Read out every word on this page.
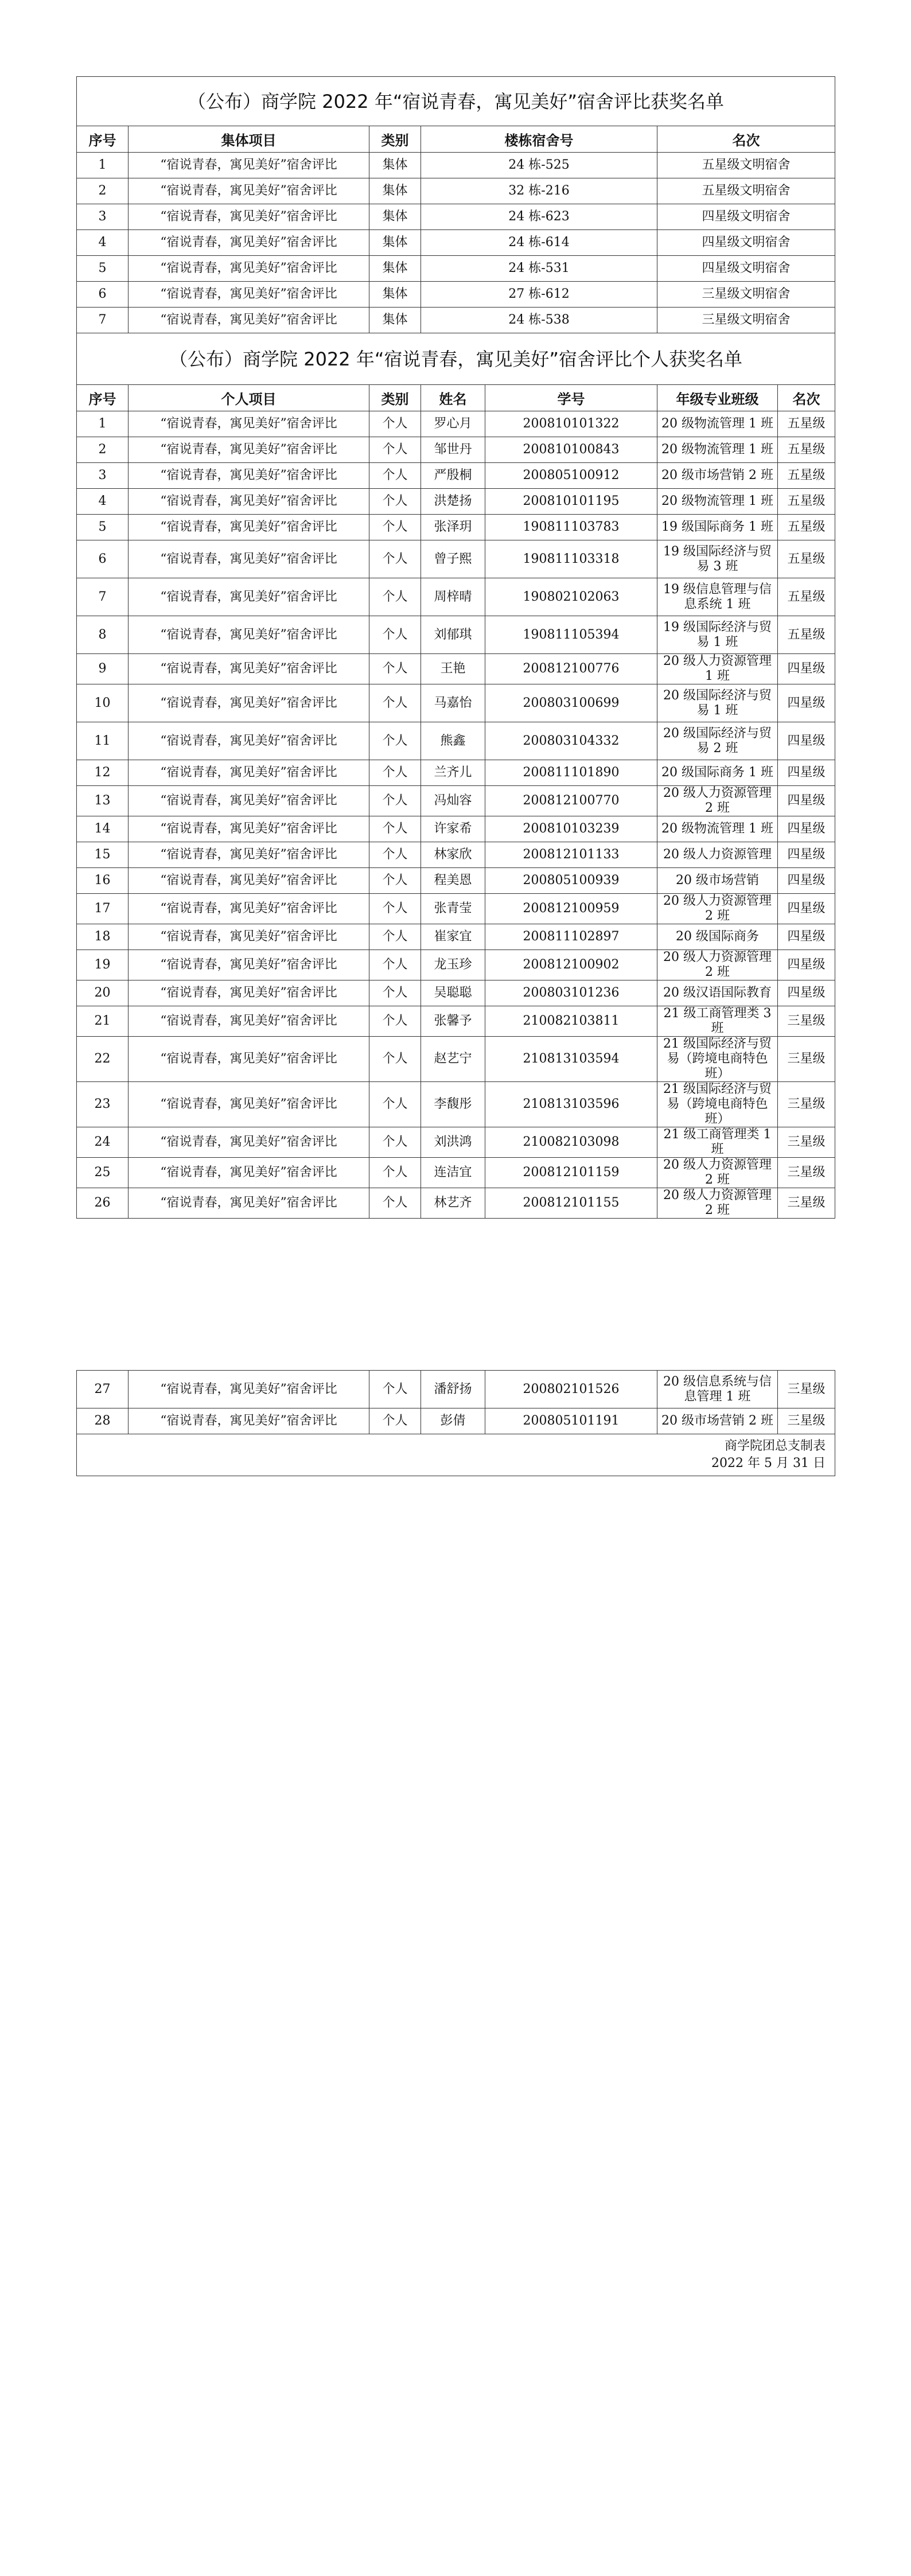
（公布）商学院 2022 年“宿说青春，寓见美好”宿舍评比获奖名单						
序号	集体项目	类别	楼栋宿舍号		名次	
1	“宿说青春，寓见美好”宿舍评比	集体	24 栋-525		五星级文明宿舍	
2	“宿说青春，寓见美好”宿舍评比	集体	32 栋-216		五星级文明宿舍	
3	“宿说青春，寓见美好”宿舍评比	集体	24 栋-623		四星级文明宿舍	
4	“宿说青春，寓见美好”宿舍评比	集体	24 栋-614		四星级文明宿舍	
5	“宿说青春，寓见美好”宿舍评比	集体	24 栋-531		四星级文明宿舍	
6	“宿说青春，寓见美好”宿舍评比	集体	27 栋-612		三星级文明宿舍	
7	“宿说青春，寓见美好”宿舍评比	集体	24 栋-538		三星级文明宿舍	
（公布）商学院 2022 年“宿说青春，寓见美好”宿舍评比个人获奖名单						
序号	个人项目	类别	姓名	学号	年级专业班级	名次
1	“宿说青春，寓见美好”宿舍评比	个人	罗心月	200810101322	20 级物流管理 1 班	五星级
2	“宿说青春，寓见美好”宿舍评比	个人	邹世丹	200810100843	20 级物流管理 1 班	五星级
3	“宿说青春，寓见美好”宿舍评比	个人	严殷桐	200805100912	20 级市场营销 2 班	五星级
4	“宿说青春，寓见美好”宿舍评比	个人	洪楚扬	200810101195	20 级物流管理 1 班	五星级
5	“宿说青春，寓见美好”宿舍评比	个人	张泽玥	190811103783	19 级国际商务 1 班	五星级
6	“宿说青春，寓见美好”宿舍评比	个人	曾子熙	190811103318	19 级国际经济与贸易 3 班	五星级
7	“宿说青春，寓见美好”宿舍评比	个人	周梓晴	190802102063	19 级信息管理与信息系统 1 班	五星级
8	“宿说青春，寓见美好”宿舍评比	个人	刘郁琪	190811105394	19 级国际经济与贸易 1 班	五星级
9	“宿说青春，寓见美好”宿舍评比	个人	王艳	200812100776	20 级人力资源管理 1 班	四星级
10	“宿说青春，寓见美好”宿舍评比	个人	马嘉怡	200803100699	20 级国际经济与贸易 1 班	四星级
11	“宿说青春，寓见美好”宿舍评比	个人	熊鑫	200803104332	20 级国际经济与贸易 2 班	四星级
12	“宿说青春，寓见美好”宿舍评比	个人	兰齐儿	200811101890	20 级国际商务 1 班	四星级
13	“宿说青春，寓见美好”宿舍评比	个人	冯灿容	200812100770	20 级人力资源管理 2 班	四星级
14	“宿说青春，寓见美好”宿舍评比	个人	许家希	200810103239	20 级物流管理 1 班	四星级
15	“宿说青春，寓见美好”宿舍评比	个人	林家欣	200812101133	20 级人力资源管理	四星级
16	“宿说青春，寓见美好”宿舍评比	个人	程美恩	200805100939	20 级市场营销	四星级
17	“宿说青春，寓见美好”宿舍评比	个人	张青莹	200812100959	20 级人力资源管理 2 班	四星级
18	“宿说青春，寓见美好”宿舍评比	个人	崔家宜	200811102897	20 级国际商务	四星级
19	“宿说青春，寓见美好”宿舍评比	个人	龙玉珍	200812100902	20 级人力资源管理 2 班	四星级
20	“宿说青春，寓见美好”宿舍评比	个人	吴聪聪	200803101236	20 级汉语国际教育	四星级
21	“宿说青春，寓见美好”宿舍评比	个人	张馨予	210082103811	21 级工商管理类 3 班	三星级
22	“宿说青春，寓见美好”宿舍评比	个人	赵艺宁	210813103594	21 级国际经济与贸易（跨境电商特色班）	三星级
23	“宿说青春，寓见美好”宿舍评比	个人	李馥彤	210813103596	21 级国际经济与贸易（跨境电商特色班）	三星级
24	“宿说青春，寓见美好”宿舍评比	个人	刘洪鸿	210082103098	21 级工商管理类 1 班	三星级
25	“宿说青春，寓见美好”宿舍评比	个人	连洁宜	200812101159	20 级人力资源管理 2 班	三星级
26	“宿说青春，寓见美好”宿舍评比	个人	林艺齐	200812101155	20 级人力资源管理 2 班	三星级
27	“宿说青春，寓见美好”宿舍评比	个人	潘舒扬	200802101526	20 级信息系统与信息管理 1 班	三星级
28	“宿说青春，寓见美好”宿舍评比	个人	彭倩	200805101191	20 级市场营销 2 班	三星级

商学院团总支制表
2022 年 5 月 31 日						
